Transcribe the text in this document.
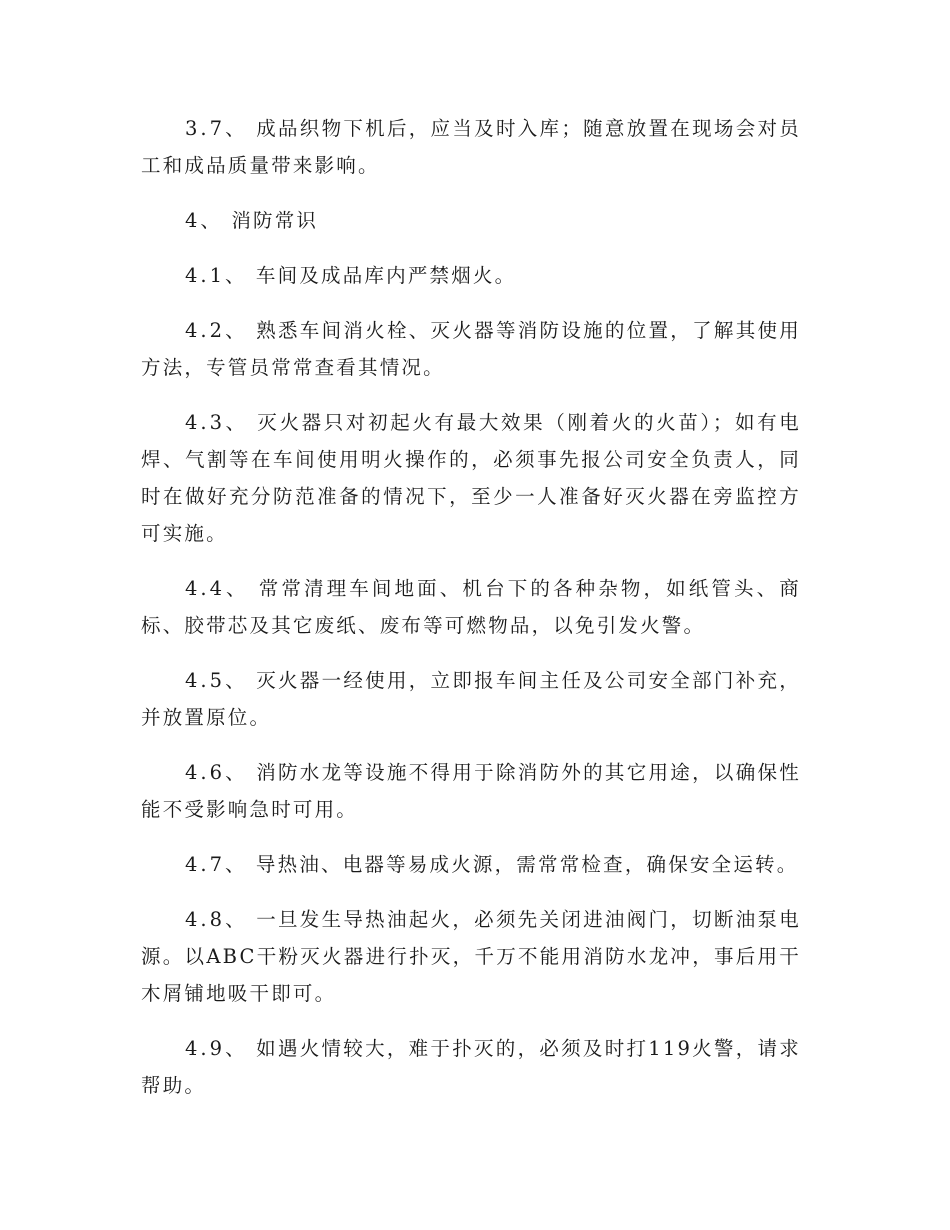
3.7、 成品织物下机后，应当及时入库；随意放置在现场会对员工和成品质量带来影响。

4、 消防常识

4.1、 车间及成品库内严禁烟火。

4.2、 熟悉车间消火栓、灭火器等消防设施的位置，了解其使用方法，专管员常常查看其情况。

4.3、 灭火器只对初起火有最大效果（刚着火的火苗）；如有电焊、气割等在车间使用明火操作的，必须事先报公司安全负责人，同时在做好充分防范准备的情况下，至少一人准备好灭火器在旁监控方可实施。

4.4、 常常清理车间地面、机台下的各种杂物，如纸管头、商标、胶带芯及其它废纸、废布等可燃物品，以免引发火警。

4.5、 灭火器一经使用，立即报车间主任及公司安全部门补充，并放置原位。

4.6、 消防水龙等设施不得用于除消防外的其它用途，以确保性能不受影响急时可用。

4.7、 导热油、电器等易成火源，需常常检查，确保安全运转。

4.8、 一旦发生导热油起火，必须先关闭进油阀门，切断油泵电源。以ABC干粉灭火器进行扑灭，千万不能用消防水龙冲，事后用干木屑铺地吸干即可。

4.9、 如遇火情较大，难于扑灭的，必须及时打119火警，请求帮助。
